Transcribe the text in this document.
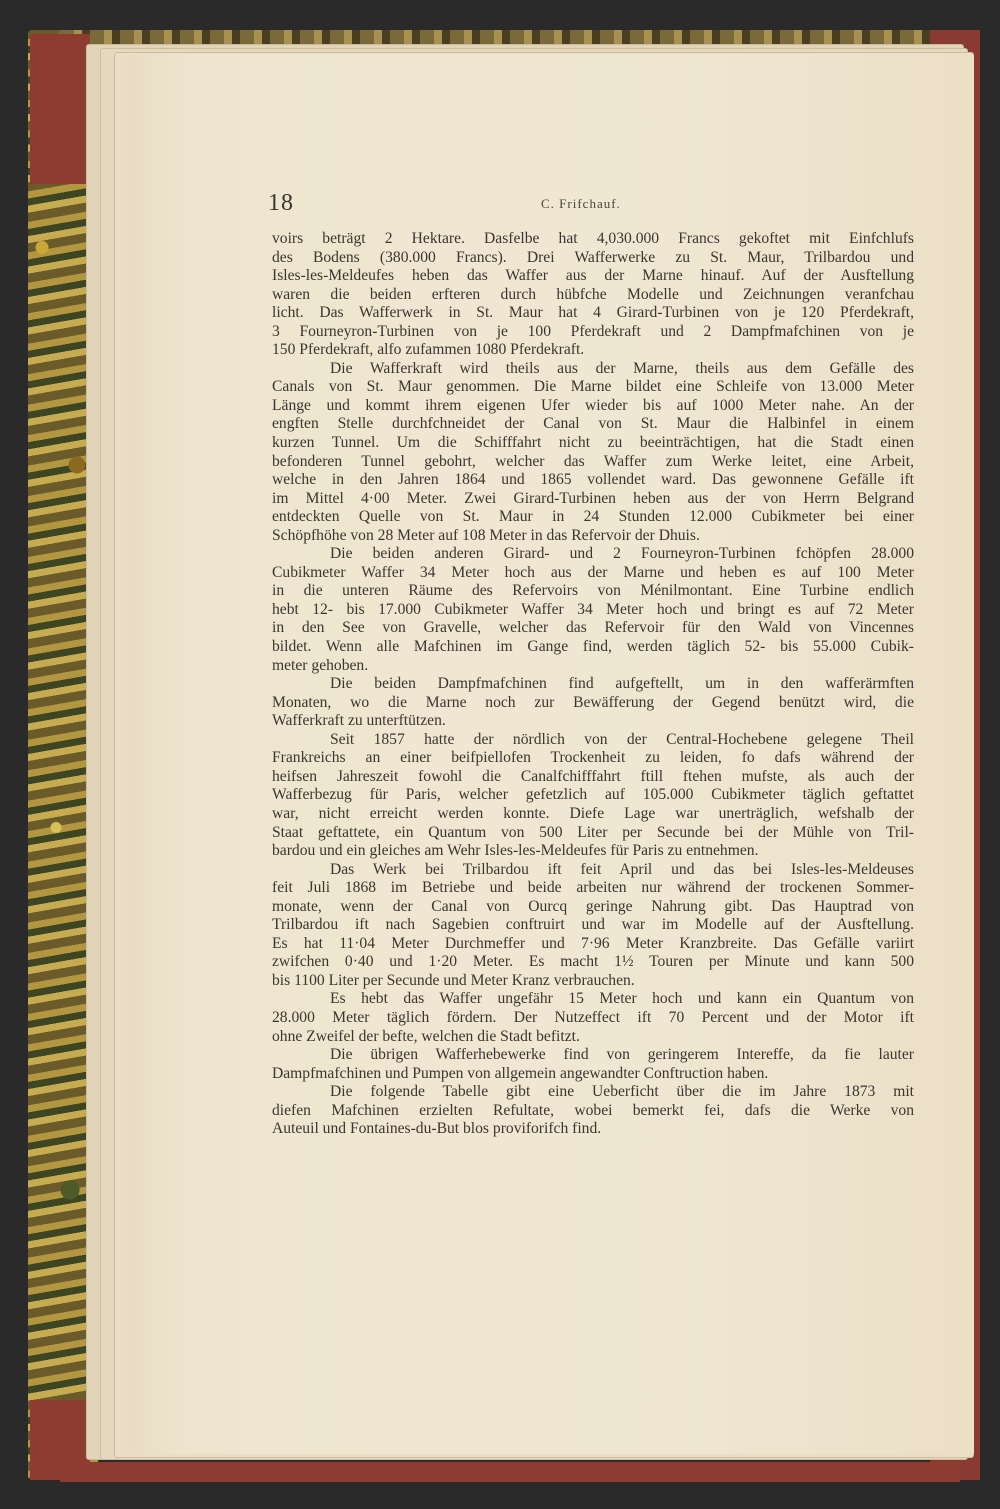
18	C. Frifchauf.
voirs beträgt 2 Hektare. Dasfelbe hat 4,030.000 Francs gekoftet mit Einfchlufs
des Bodens (380.000 Francs). Drei Wafferwerke zu St. Maur, Trilbardou und
Isles-les-Meldeufes heben das Waffer aus der Marne hinauf. Auf der Ausftellung
waren die beiden erfteren durch hübfche Modelle und Zeichnungen veranfchau
licht. Das Wafferwerk in St. Maur hat 4 Girard-Turbinen von je 120 Pferdekraft,
3 Fourneyron-Turbinen von je 100 Pferdekraft und 2 Dampfmafchinen von je
150 Pferdekraft, alfo zufammen 1080 Pferdekraft.
Die Wafferkraft wird theils aus der Marne, theils aus dem Gefälle des
Canals von St. Maur genommen. Die Marne bildet eine Schleife von 13.000 Meter
Länge und kommt ihrem eigenen Ufer wieder bis auf 1000 Meter nahe. An der
engften Stelle durchfchneidet der Canal von St. Maur die Halbinfel in einem
kurzen Tunnel. Um die Schifffahrt nicht zu beeinträchtigen, hat die Stadt einen
befonderen Tunnel gebohrt, welcher das Waffer zum Werke leitet, eine Arbeit,
welche in den Jahren 1864 und 1865 vollendet ward. Das gewonnene Gefälle ift
im Mittel 4·00 Meter. Zwei Girard-Turbinen heben aus der von Herrn Belgrand
entdeckten Quelle von St. Maur in 24 Stunden 12.000 Cubikmeter bei einer
Schöpfhöhe von 28 Meter auf 108 Meter in das Refervoir der Dhuis.
Die beiden anderen Girard- und 2 Fourneyron-Turbinen fchöpfen 28.000
Cubikmeter Waffer 34 Meter hoch aus der Marne und heben es auf 100 Meter
in die unteren Räume des Refervoirs von Ménilmontant. Eine Turbine endlich
hebt 12- bis 17.000 Cubikmeter Waffer 34 Meter hoch und bringt es auf 72 Meter
in den See von Gravelle, welcher das Refervoir für den Wald von Vincennes
bildet. Wenn alle Mafchinen im Gange find, werden täglich 52- bis 55.000 Cubik-
meter gehoben.
Die beiden Dampfmafchinen find aufgeftellt, um in den wafferärmften
Monaten, wo die Marne noch zur Bewäfferung der Gegend benützt wird, die
Wafferkraft zu unterftützen.
Seit 1857 hatte der nördlich von der Central-Hochebene gelegene Theil
Frankreichs an einer beifpiellofen Trockenheit zu leiden, fo dafs während der
heifsen Jahreszeit fowohl die Canalfchifffahrt ftill ftehen mufste, als auch der
Wafferbezug für Paris, welcher gefetzlich auf 105.000 Cubikmeter täglich geftattet
war, nicht erreicht werden konnte. Diefe Lage war unerträglich, wefshalb der
Staat geftattete, ein Quantum von 500 Liter per Secunde bei der Mühle von Tril-
bardou und ein gleiches am Wehr Isles-les-Meldeufes für Paris zu entnehmen.
Das Werk bei Trilbardou ift feit April und das bei Isles-les-Meldeuses
feit Juli 1868 im Betriebe und beide arbeiten nur während der trockenen Sommer-
monate, wenn der Canal von Ourcq geringe Nahrung gibt. Das Hauptrad von
Trilbardou ift nach Sagebien conftruirt und war im Modelle auf der Ausftellung.
Es hat 11·04 Meter Durchmeffer und 7·96 Meter Kranzbreite. Das Gefälle variirt
zwifchen 0·40 und 1·20 Meter. Es macht 1½ Touren per Minute und kann 500
bis 1100 Liter per Secunde und Meter Kranz verbrauchen.
Es hebt das Waffer ungefähr 15 Meter hoch und kann ein Quantum von
28.000 Meter täglich fördern. Der Nutzeffect ift 70 Percent und der Motor ift
ohne Zweifel der befte, welchen die Stadt befitzt.
Die übrigen Wafferhebewerke find von geringerem Intereffe, da fie lauter
Dampfmafchinen und Pumpen von allgemein angewandter Conftruction haben.
Die folgende Tabelle gibt eine Ueberficht über die im Jahre 1873 mit
diefen Mafchinen erzielten Refultate, wobei bemerkt fei, dafs die Werke von
Auteuil und Fontaines-du-But blos proviforifch find.
